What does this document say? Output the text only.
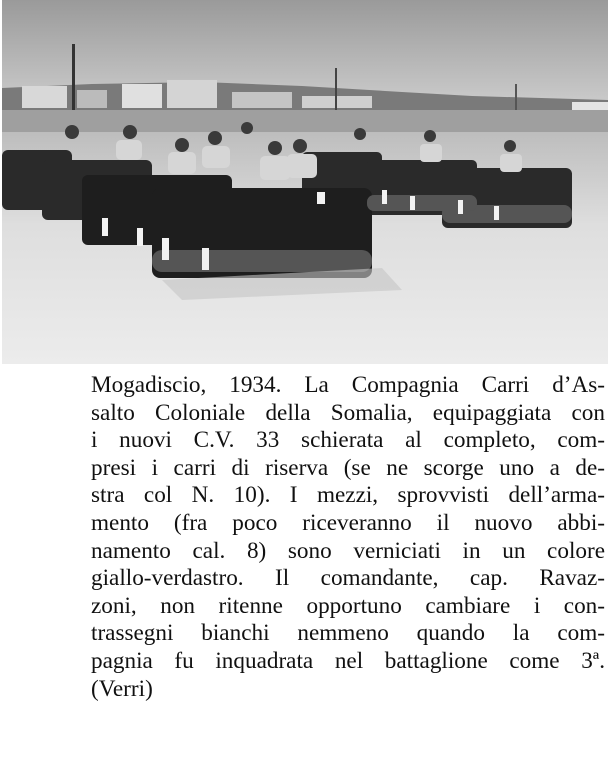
Mogadiscio, 1934. La Compagnia Carri d’As-
salto Coloniale della Somalia, equipaggiata con
i nuovi C.V. 33 schierata al completo, com-
presi i carri di riserva (se ne scorge uno a de-
stra col N. 10). I mezzi, sprovvisti dell’arma-
mento (fra poco riceveranno il nuovo abbi-
namento cal. 8) sono verniciati in un colore
giallo-verdastro. Il comandante, cap. Ravaz-
zoni, non ritenne opportuno cambiare i con-
trassegni bianchi nemmeno quando la com-
pagnia fu inquadrata nel battaglione come 3ª.
(Verri)
